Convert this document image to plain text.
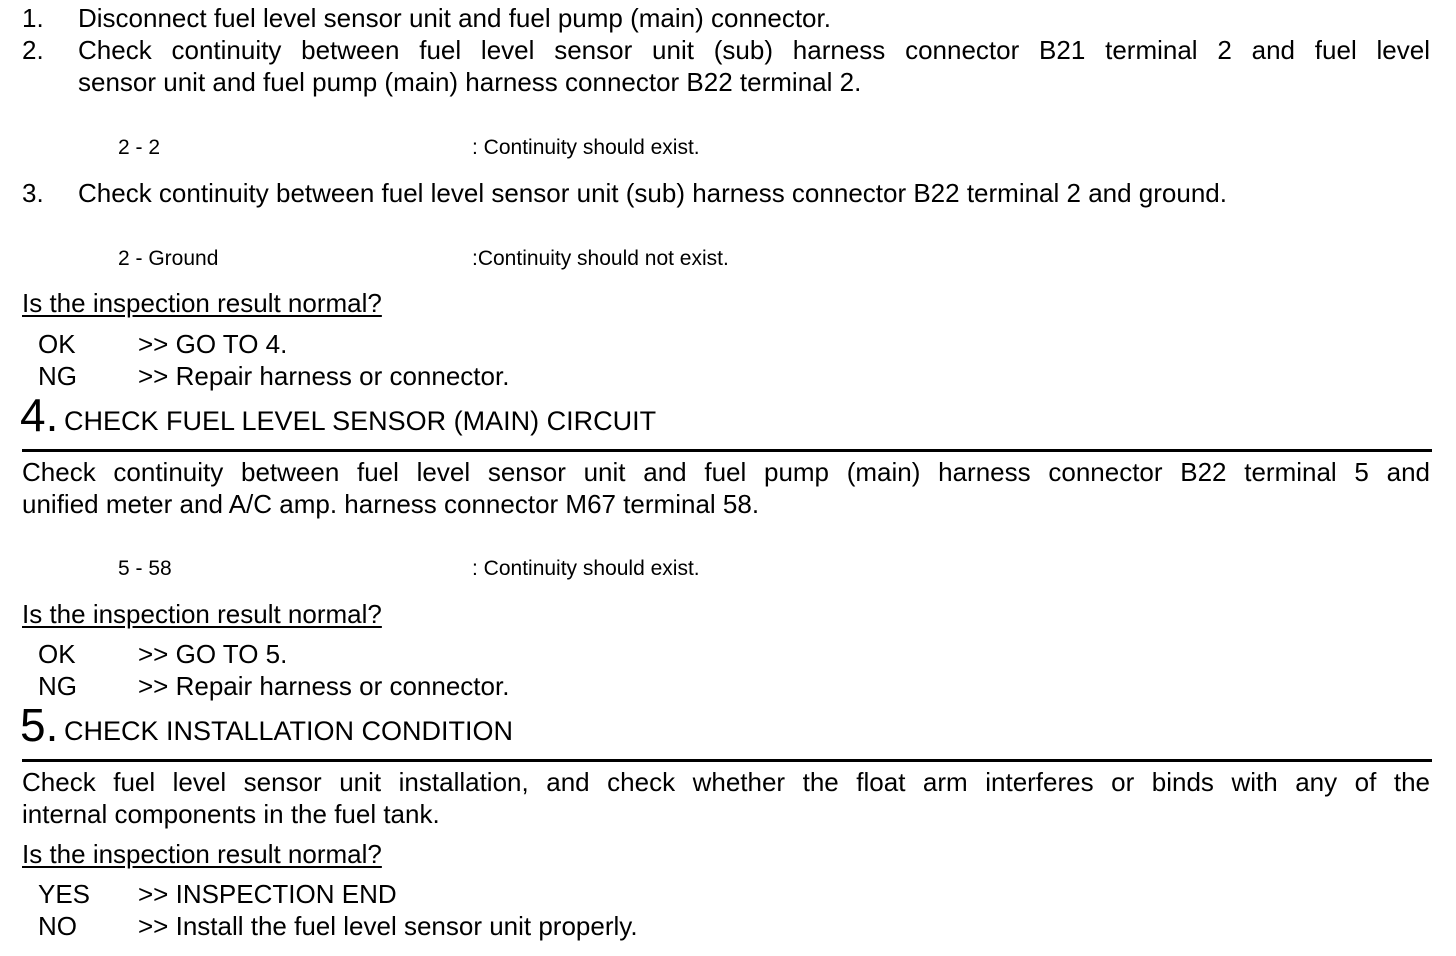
1. Disconnect fuel level sensor unit and fuel pump (main) connector.
2. Check continuity between fuel level sensor unit (sub) harness connector B21 terminal 2 and fuel level
sensor unit and fuel pump (main) harness connector B22 terminal 2.
2 - 2	: Continuity should exist.
3. Check continuity between fuel level sensor unit (sub) harness connector B22 terminal 2 and ground.
2 - Ground	:Continuity should not exist.
Is the inspection result normal?
OK >> GO TO 4.
NG >> Repair harness or connector.
4. CHECK FUEL LEVEL SENSOR (MAIN) CIRCUIT
Check continuity between fuel level sensor unit and fuel pump (main) harness connector B22 terminal 5 and
unified meter and A/C amp. harness connector M67 terminal 58.
5 - 58	: Continuity should exist.
Is the inspection result normal?
OK >> GO TO 5.
NG >> Repair harness or connector.
5. CHECK INSTALLATION CONDITION
Check fuel level sensor unit installation, and check whether the float arm interferes or binds with any of the
internal components in the fuel tank.
Is the inspection result normal?
YES >> INSPECTION END
NO >> Install the fuel level sensor unit properly.
